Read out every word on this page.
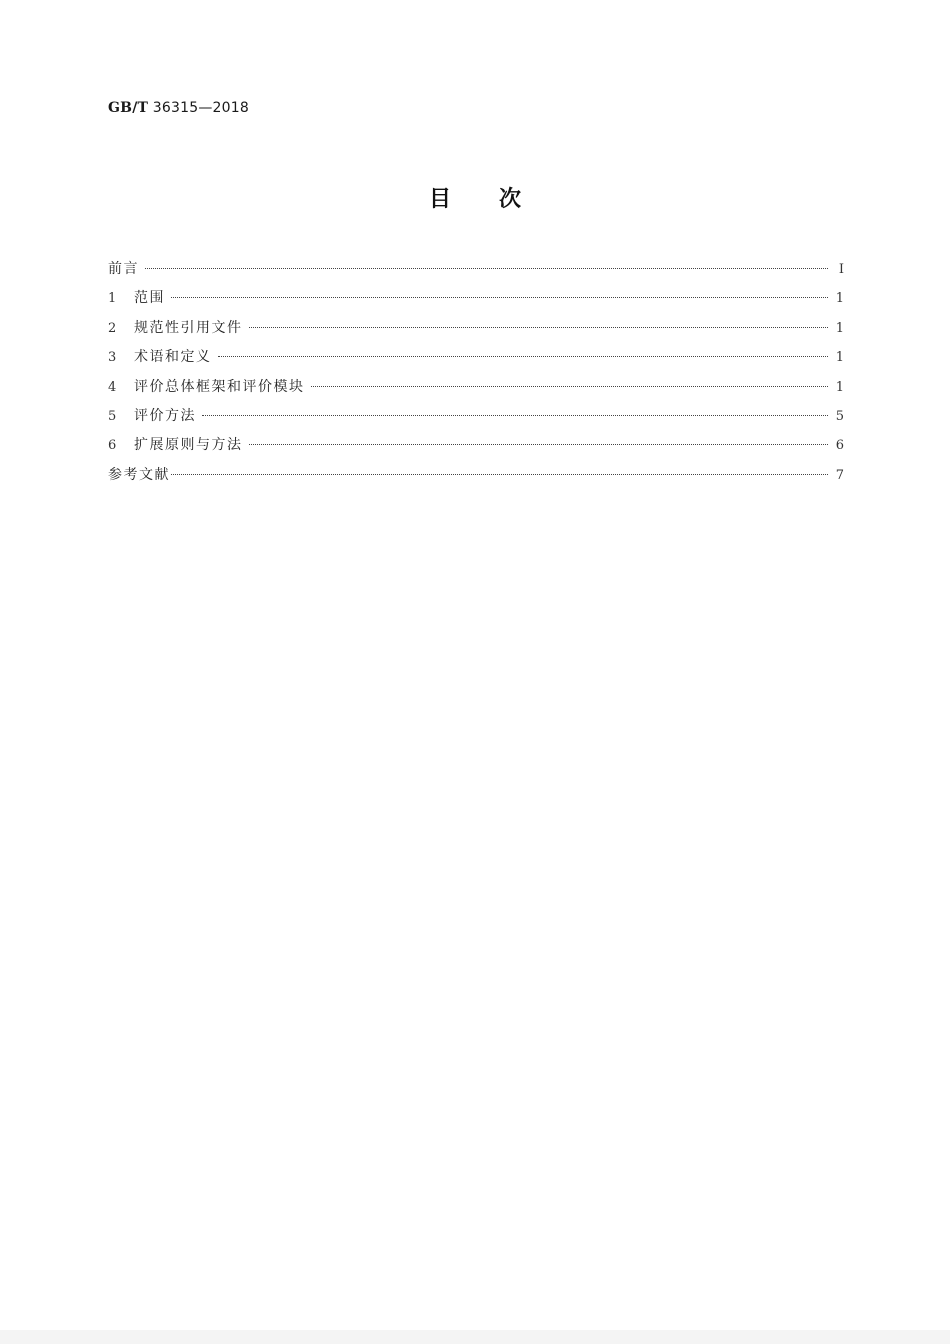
GB/T 36315—2018
目次
前言	Ⅰ
1	范围	1
2	规范性引用文件	1
3	术语和定义	1
4	评价总体框架和评价模块	1
5	评价方法	5
6	扩展原则与方法	6
参考文献	7
